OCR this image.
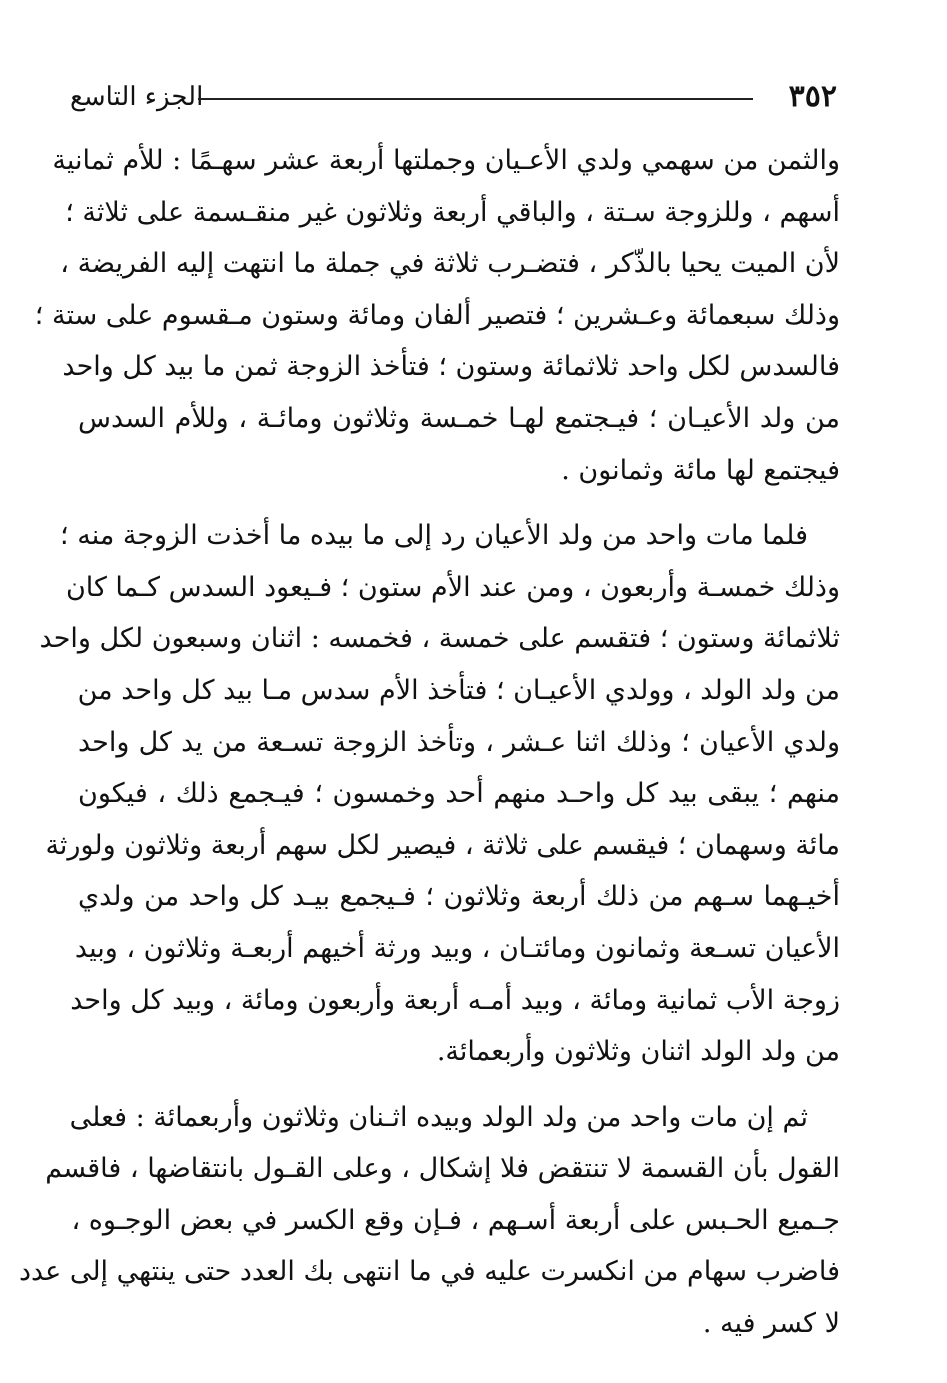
الجزء التاسع	٣٥٢
والثمن من سهمي ولدي الأعـيان وجملتها أربعة عشر سهـمًا : للأم ثمانية
أسهم ، وللزوجة سـتة ، والباقي أربعة وثلاثون غير منقـسمة على ثلاثة ؛
لأن الميت يحيا بالذّكر ، فتضـرب ثلاثة في جملة ما انتهت إليه الفريضة ،
وذلك سبعمائة وعـشرين ؛ فتصير ألفان ومائة وستون مـقسوم على ستة ؛
فالسدس لكل واحد ثلاثمائة وستون ؛ فتأخذ الزوجة ثمن ما بيد كل واحد
من ولد الأعيـان ؛ فيـجتمع لهـا خمـسة وثلاثون ومائـة ، وللأم السدس
فيجتمع لها مائة وثمانون .
فلما مات واحد من ولد الأعيان رد إلى ما بيده ما أخذت الزوجة منه ؛
وذلك خمسـة وأربعون ، ومن عند الأم ستون ؛ فـيعود السدس كـما كان
ثلاثمائة وستون ؛ فتقسم على خمسة ، فخمسه : اثنان وسبعون لكل واحد
من ولد الولد ، وولدي الأعيـان ؛ فتأخذ الأم سدس مـا بيد كل واحد من
ولدي الأعيان ؛ وذلك اثنا عـشر ، وتأخذ الزوجة تسـعة من يد كل واحد
منهم ؛ يبقى بيد كل واحـد منهم أحد وخمسون ؛ فيـجمع ذلك ، فيكون
مائة وسهمان ؛ فيقسم على ثلاثة ، فيصير لكل سهم أربعة وثلاثون ولورثة
أخيـهما سـهم من ذلك أربعة وثلاثون ؛ فـيجمع بيـد كل واحد من ولدي
الأعيان تسـعة وثمانون ومائتـان ، وبيد ورثة أخيهم أربعـة وثلاثون ، وبيد
زوجة الأب ثمانية ومائة ، وبيد أمـه أربعة وأربعون ومائة ، وبيد كل واحد
من ولد الولد اثنان وثلاثون وأربعمائة.
ثم إن مات واحد من ولد الولد وبيده اثـنان وثلاثون وأربعمائة : فعلى
القول بأن القسمة لا تنتقض فلا إشكال ، وعلى القـول بانتقاضها ، فاقسم
جـميع الحـبس على أربعة أسـهم ، فـإن وقع الكسر في بعض الوجـوه ،
فاضرب سهام من انكسرت عليه في ما انتهى بك العدد حتى ينتهي إلى عدد
لا كسر فيه .
